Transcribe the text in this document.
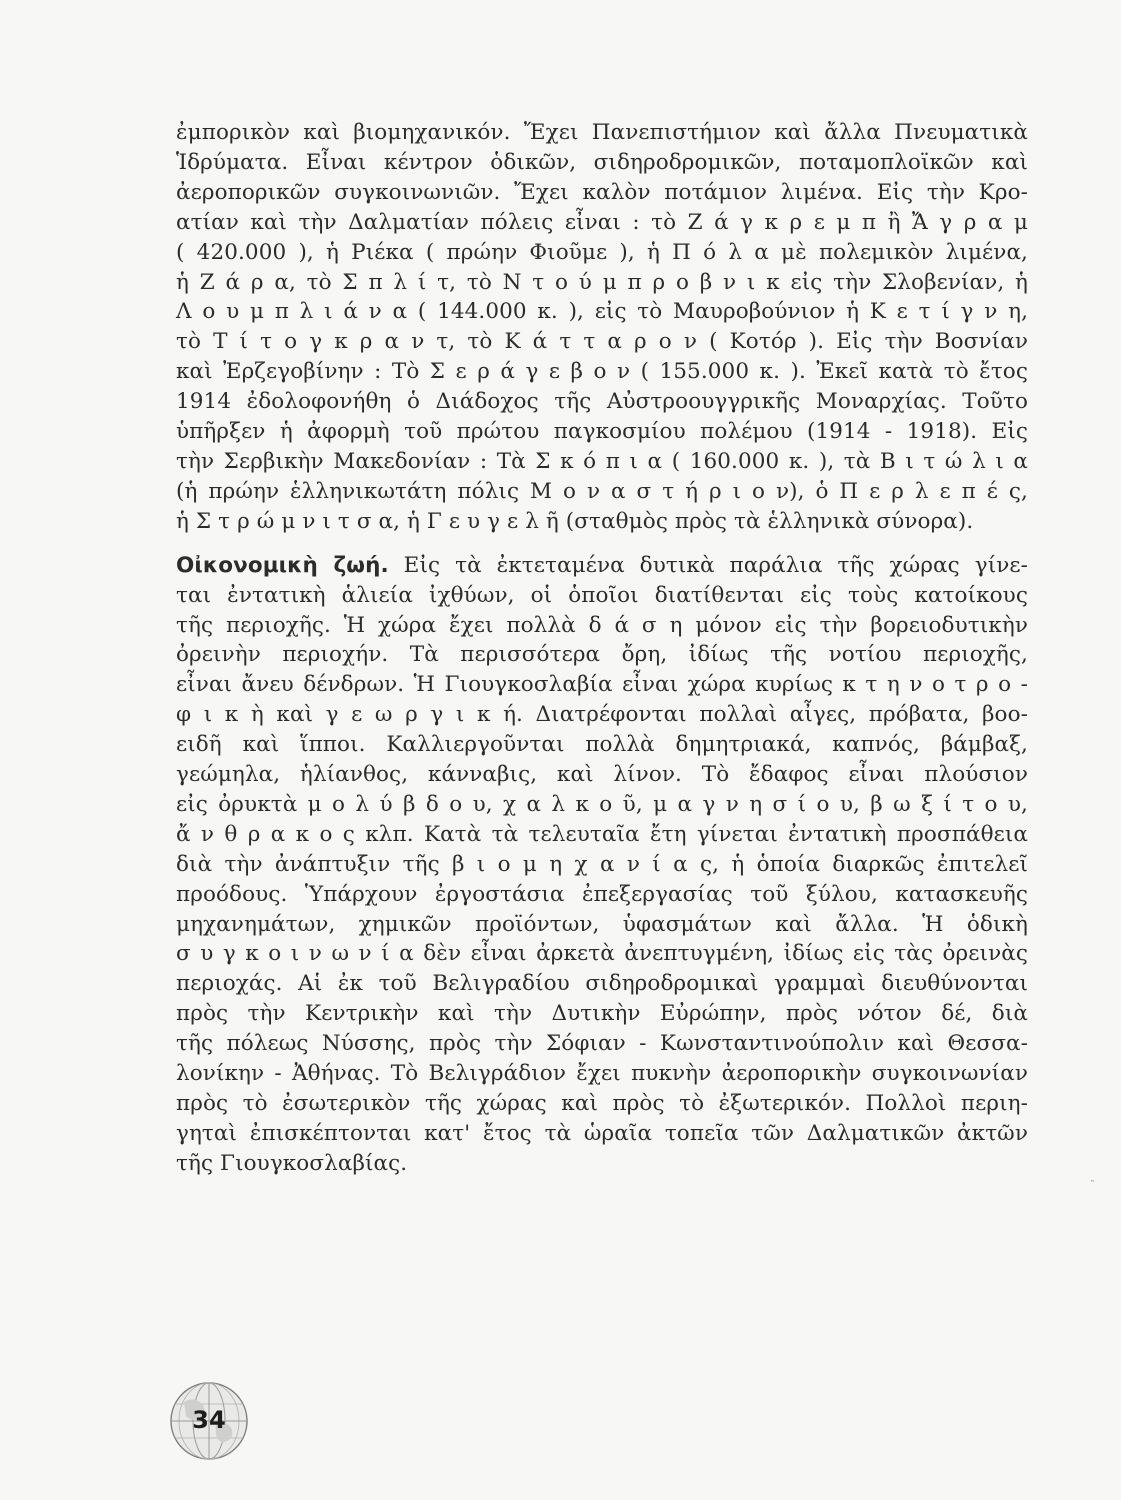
ἐμπορικὸν καὶ βιομηχανικόν. Ἔχει Πανεπιστήμιον καὶ ἄλλα Πνευματικὰ
Ἱδρύματα. Εἶναι κέντρον ὁδικῶν, σιδηροδρομικῶν, ποταμοπλοϊκῶν καὶ
ἀεροπορικῶν συγκοινωνιῶν. Ἔχει καλὸν ποτάμιον λιμένα. Εἰς τὴν Κρο-
ατίαν καὶ τὴν Δαλματίαν πόλεις εἶναι : τὸ Ζ ά γ κ ρ ε μ π ἢ Ἄ γ ρ α μ
( 420.000 ), ἡ Ριέκα ( πρώην Φιοῦμε ), ἡ Π ό λ α μὲ πολεμικὸν λιμένα,
ἡ Ζ ά ρ α, τὸ Σ π λ ί τ, τὸ Ν τ ο ύ μ π ρ ο β ν ι κ εἰς τὴν Σλοβενίαν, ἡ
Λ ο υ μ π λ ι ά ν α ( 144.000 κ. ), εἰς τὸ Μαυροβούνιον ἡ Κ ε τ ί γ ν η,
τὸ Τ ί τ ο γ κ ρ α ν τ, τὸ Κ ά τ τ α ρ ο ν ( Κοτόρ ). Εἰς τὴν Βοσνίαν
καὶ Ἐρζεγοβίνην : Τὸ Σ ε ρ ά γ ε β ο ν ( 155.000 κ. ). Ἐκεῖ κατὰ τὸ ἔτος
1914 ἐδολοφονήθη ὁ Διάδοχος τῆς Αὐστροουγγρικῆς Μοναρχίας. Τοῦτο
ὑπῆρξεν ἡ ἀφορμὴ τοῦ πρώτου παγκοσμίου πολέμου (1914 - 1918). Εἰς
τὴν Σερβικὴν Μακεδονίαν : Τὰ Σ κ ό π ι α ( 160.000 κ. ), τὰ Β ι τ ώ λ ι α
(ἡ πρώην ἑλληνικωτάτη πόλις Μ ο ν α σ τ ή ρ ι ο ν), ὁ Π ε ρ λ ε π έ ς,
ἡ Σ τ ρ ώ μ ν ι τ σ α, ἡ Γ ε υ γ ε λ ῆ (σταθμὸς πρὸς τὰ ἑλληνικὰ σύνορα).
Οἰκονομικὴ ζωή. Εἰς τὰ ἐκτεταμένα δυτικὰ παράλια τῆς χώρας γίνε-
ται ἐντατικὴ ἁλιεία ἰχθύων, οἱ ὁποῖοι διατίθενται εἰς τοὺς κατοίκους
τῆς περιοχῆς. Ἡ χώρα ἔχει πολλὰ δ ά σ η μόνον εἰς τὴν βορειοδυτικὴν
ὀρεινὴν περιοχήν. Τὰ περισσότερα ὄρη, ἰδίως τῆς νοτίου περιοχῆς,
εἶναι ἄνευ δένδρων. Ἡ Γιουγκοσλαβία εἶναι χώρα κυρίως κ τ η ν ο τ ρ ο -
φ ι κ ὴ καὶ γ ε ω ρ γ ι κ ή. Διατρέφονται πολλαὶ αἶγες, πρόβατα, βοο-
ειδῆ καὶ ἵπποι. Καλλιεργοῦνται πολλὰ δημητριακά, καπνός, βάμβαξ,
γεώμηλα, ἡλίανθος, κάνναβις, καὶ λίνον. Τὸ ἔδαφος εἶναι πλούσιον
εἰς ὀρυκτὰ μ ο λ ύ β δ ο υ, χ α λ κ ο ῦ, μ α γ ν η σ ί ο υ, β ω ξ ί τ ο υ,
ἄ ν θ ρ α κ ο ς κλπ. Κατὰ τὰ τελευταῖα ἔτη γίνεται ἐντατικὴ προσπάθεια
διὰ τὴν ἀνάπτυξιν τῆς β ι ο μ η χ α ν ί α ς, ἡ ὁποία διαρκῶς ἐπιτελεῖ
προόδους. Ὑπάρχουν ἐργοστάσια ἐπεξεργασίας τοῦ ξύλου, κατασκευῆς
μηχανημάτων, χημικῶν προϊόντων, ὑφασμάτων καὶ ἄλλα. Ἡ ὁδικὴ
σ υ γ κ ο ι ν ω ν ί α δὲν εἶναι ἀρκετὰ ἀνεπτυγμένη, ἰδίως εἰς τὰς ὀρεινὰς
περιοχάς. Αἱ ἐκ τοῦ Βελιγραδίου σιδηροδρομικαὶ γραμμαὶ διευθύνονται
πρὸς τὴν Κεντρικὴν καὶ τὴν Δυτικὴν Εὐρώπην, πρὸς νότον δέ, διὰ
τῆς πόλεως Νύσσης, πρὸς τὴν Σόφιαν - Κωνσταντινούπολιν καὶ Θεσσα-
λονίκην - Ἀθήνας. Τὸ Βελιγράδιον ἔχει πυκνὴν ἀεροπορικὴν συγκοινωνίαν
πρὸς τὸ ἐσωτερικὸν τῆς χώρας καὶ πρὸς τὸ ἐξωτερικόν. Πολλοὶ περιη-
γηταὶ ἐπισκέπτονται κατ' ἔτος τὰ ὡραῖα τοπεῖα τῶν Δαλματικῶν ἀκτῶν
τῆς Γιουγκοσλαβίας.
34
˜
